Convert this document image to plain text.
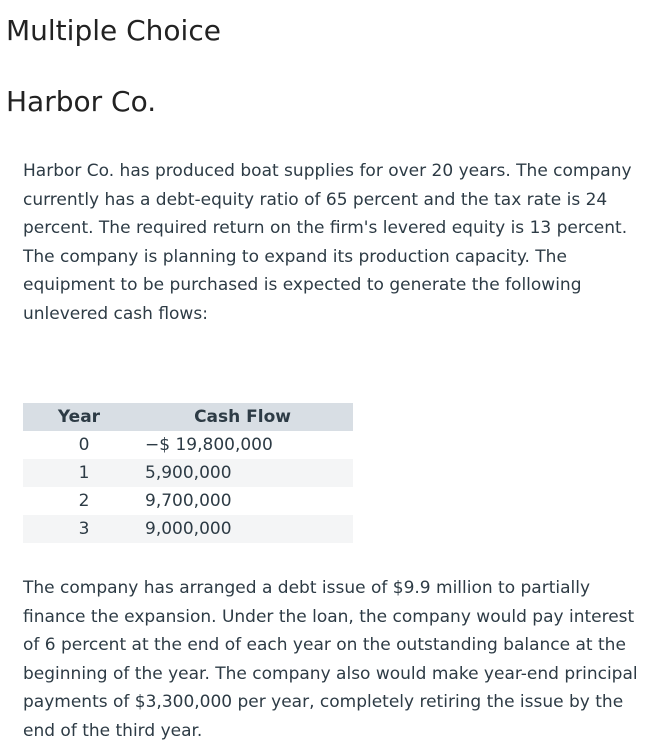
Multiple Choice
Harbor Co.

Harbor Co. has produced boat supplies for over 20 years. The company currently has a debt-equity ratio of 65 percent and the tax rate is 24 percent. The required return on the firm's levered equity is 13 percent. The company is planning to expand its production capacity. The equipment to be purchased is expected to generate the following unlevered cash flows:

Year	Cash Flow
0	−$ 19,800,000
1	5,900,000
2	9,700,000
3	9,000,000

The company has arranged a debt issue of $9.9 million to partially finance the expansion. Under the loan, the company would pay interest of 6 percent at the end of each year on the outstanding balance at the beginning of the year. The company also would make year-end principal payments of $3,300,000 per year, completely retiring the issue by the end of the third year.
